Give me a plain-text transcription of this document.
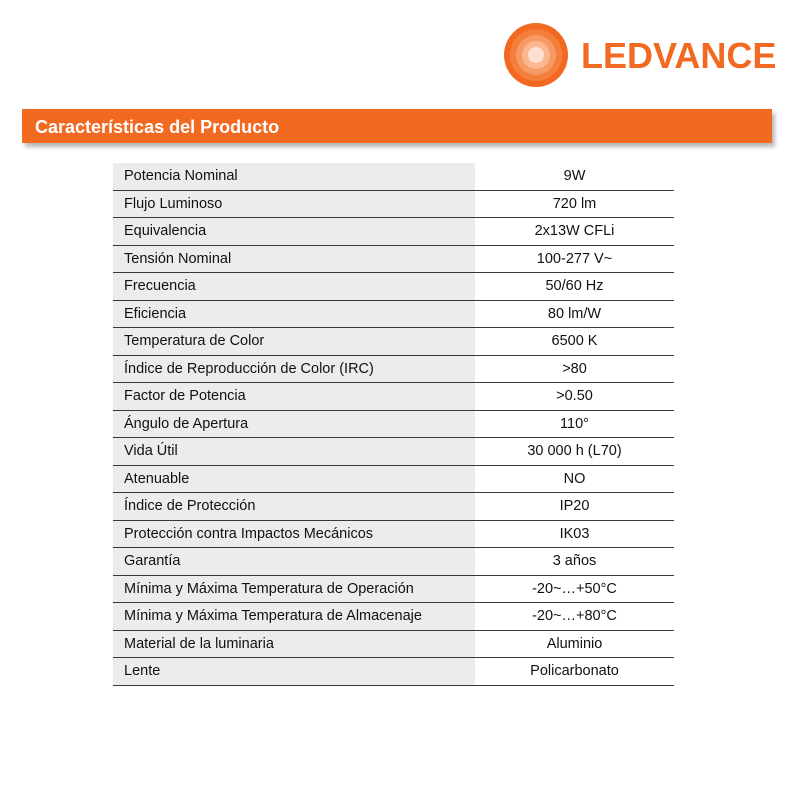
LEDVANCE
Características del Producto
Potencia Nominal	9W
Flujo Luminoso	720 lm
Equivalencia	2x13W CFLi
Tensión Nominal	100-277 V~
Frecuencia	50/60 Hz
Eficiencia	80 lm/W
Temperatura de Color	6500 K
Índice de Reproducción de Color (IRC)	>80
Factor de Potencia	>0.50
Ángulo de Apertura	110°
Vida Útil	30 000 h (L70)
Atenuable	NO
Índice de Protección	IP20
Protección contra Impactos Mecánicos	IK03
Garantía	3 años
Mínima y Máxima Temperatura de Operación	-20~…+50°C
Mínima y Máxima Temperatura de Almacenaje	-20~…+80°C
Material de la luminaria	Aluminio
Lente	Policarbonato
